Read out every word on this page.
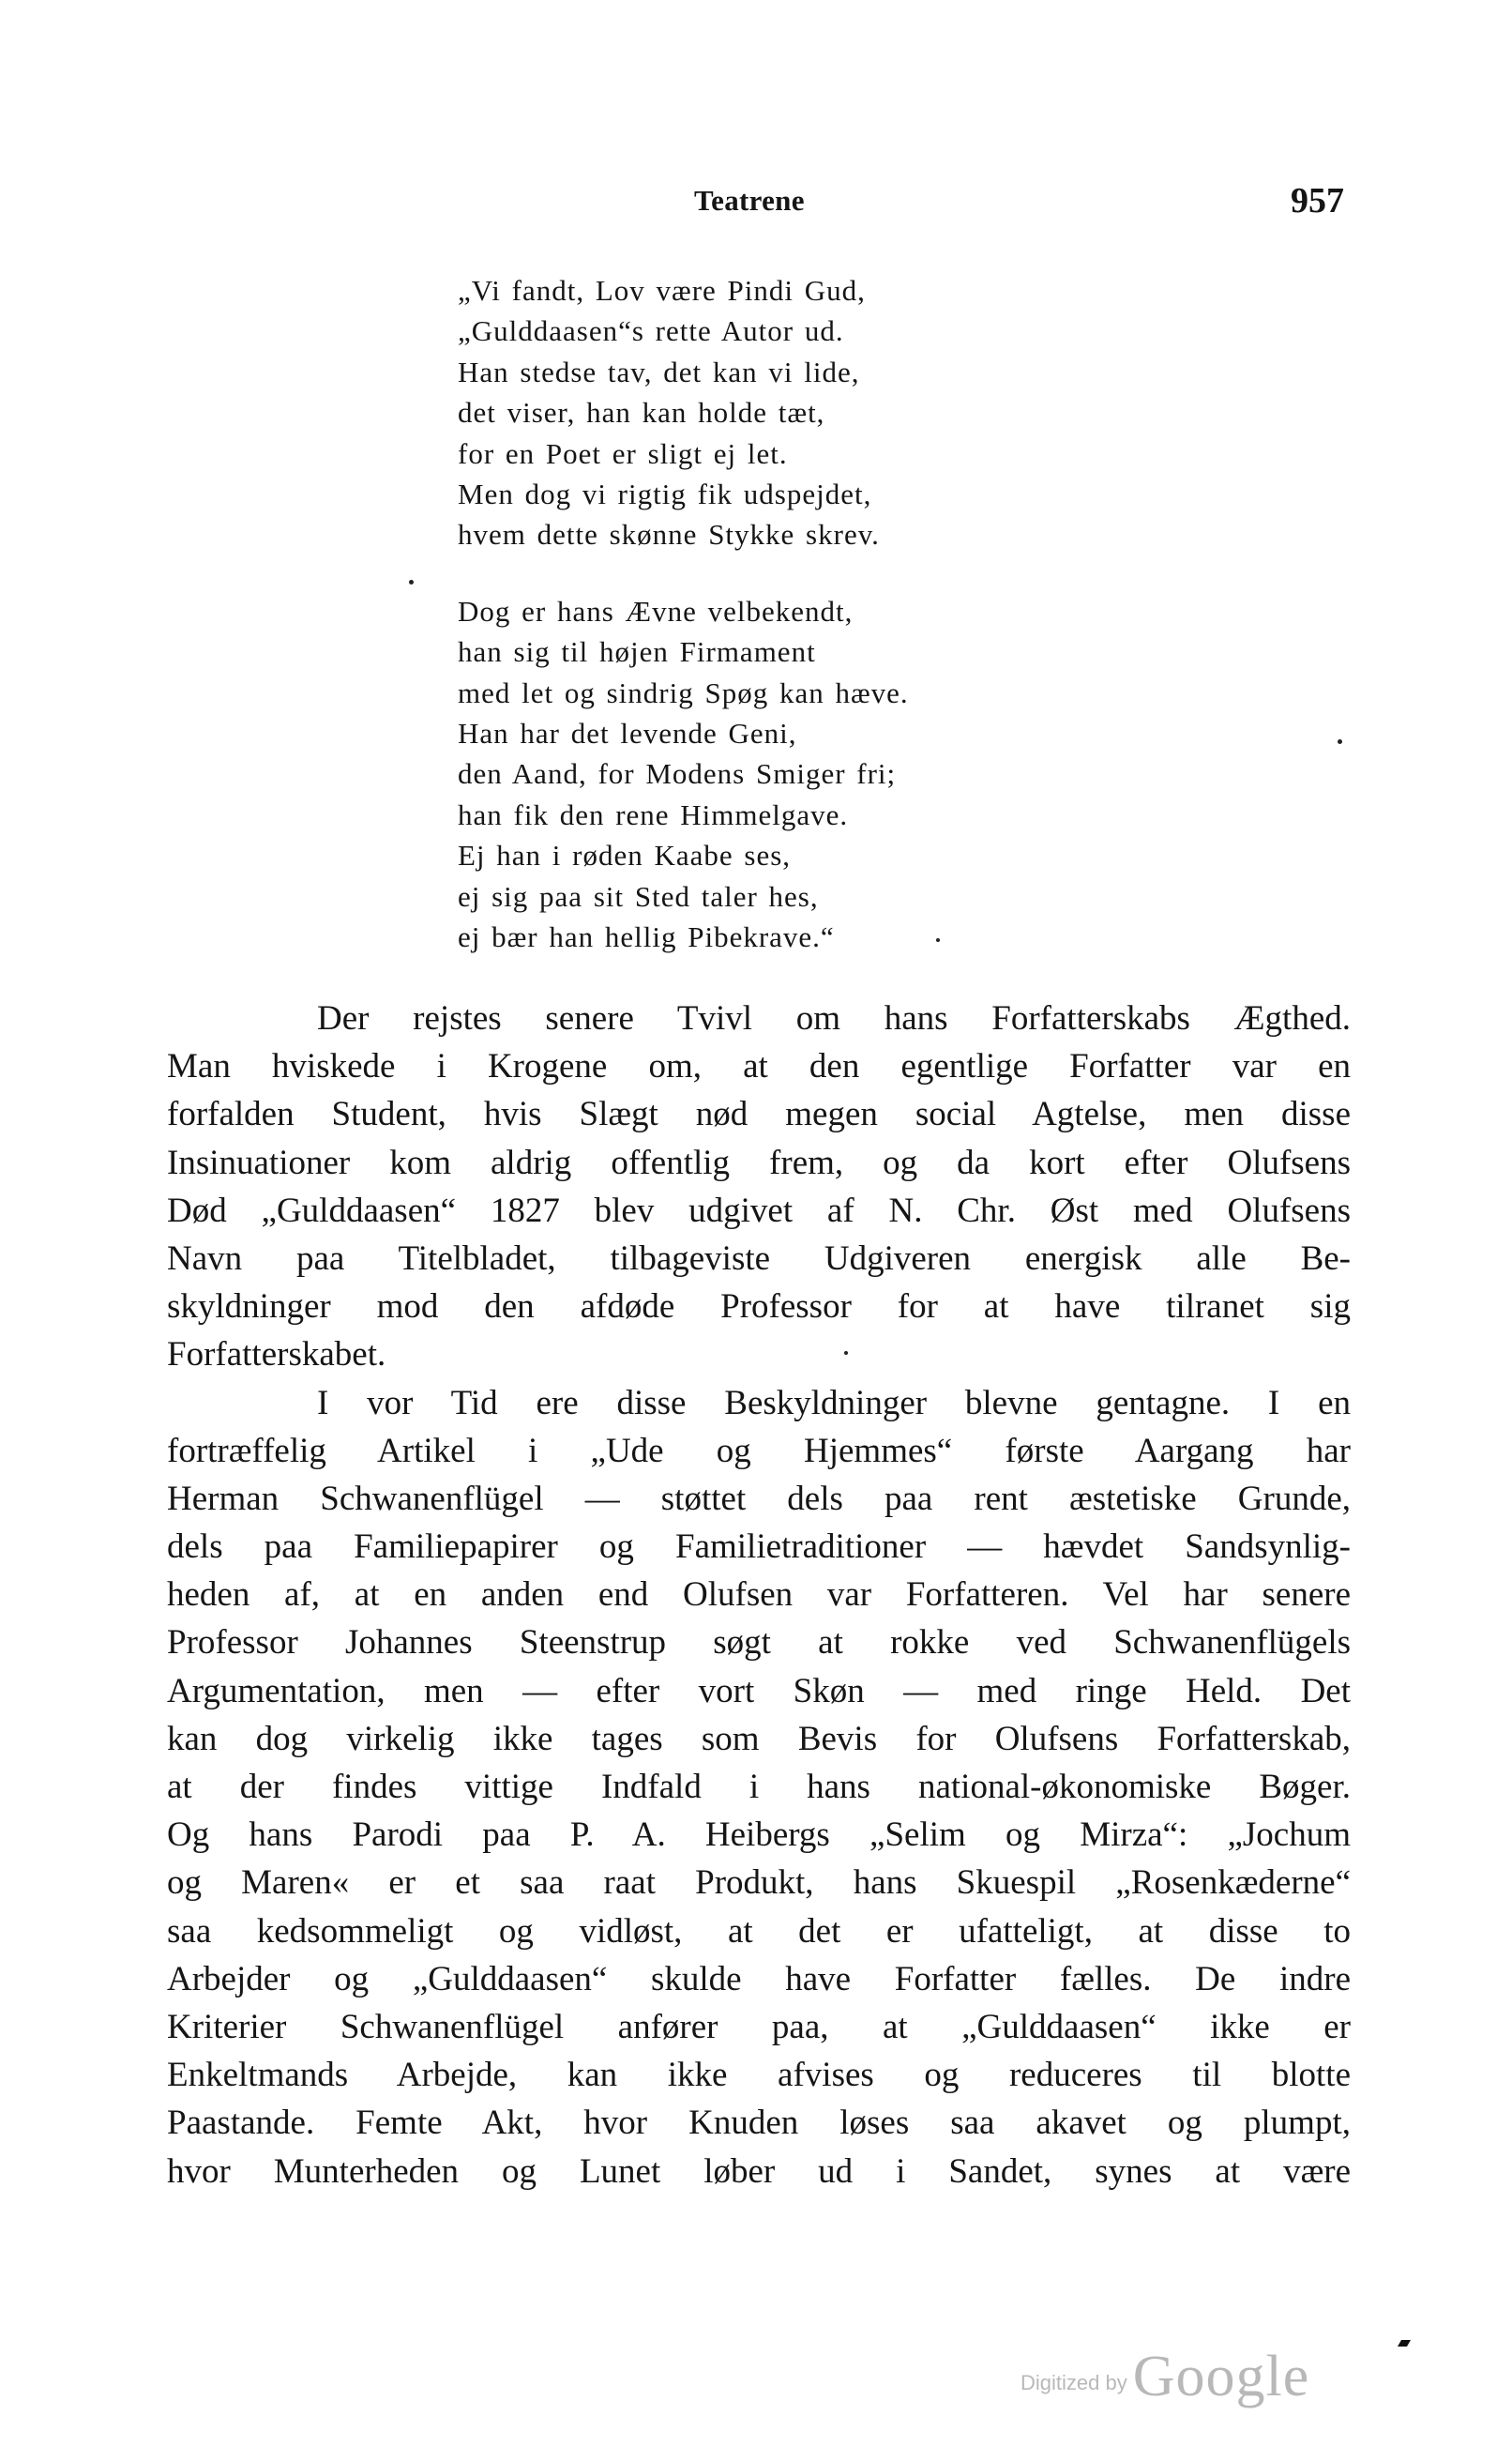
Teatrene	957
„Vi fandt, Lov være Pindi Gud,
„Gulddaasen“s rette Autor ud.
Han stedse tav, det kan vi lide,
det viser, han kan holde tæt,
for en Poet er sligt ej let.
Men dog vi rigtig fik udspejdet,
hvem dette skønne Stykke skrev.
Dog er hans Ævne velbekendt,
han sig til højen Firmament
med let og sindrig Spøg kan hæve.
Han har det levende Geni,
den Aand, for Modens Smiger fri;
han fik den rene Himmelgave.
Ej han i røden Kaabe ses,
ej sig paa sit Sted taler hes,
ej bær han hellig Pibekrave.“
Der rejstes senere Tvivl om hans Forfatterskabs Ægthed.
Man hviskede i Krogene om, at den egentlige Forfatter var en
forfalden Student, hvis Slægt nød megen social Agtelse, men disse
Insinuationer kom aldrig offentlig frem, og da kort efter Olufsens
Død „Gulddaasen“ 1827 blev udgivet af N. Chr. Øst med Olufsens
Navn paa Titelbladet, tilbageviste Udgiveren energisk alle Be-
skyldninger mod den afdøde Professor for at have tilranet sig
Forfatterskabet.
I vor Tid ere disse Beskyldninger blevne gentagne. I en
fortræffelig Artikel i „Ude og Hjemmes“ første Aargang har
Herman Schwanenflügel — støttet dels paa rent æstetiske Grunde,
dels paa Familiepapirer og Familietraditioner — hævdet Sandsynlig-
heden af, at en anden end Olufsen var Forfatteren. Vel har senere
Professor Johannes Steenstrup søgt at rokke ved Schwanenflügels
Argumentation, men — efter vort Skøn — med ringe Held. Det
kan dog virkelig ikke tages som Bevis for Olufsens Forfatterskab,
at der findes vittige Indfald i hans national-økonomiske Bøger.
Og hans Parodi paa P. A. Heibergs „Selim og Mirza“: „Jochum
og Maren« er et saa raat Produkt, hans Skuespil „Rosenkæderne“
saa kedsommeligt og vidløst, at det er ufatteligt, at disse to
Arbejder og „Gulddaasen“ skulde have Forfatter fælles. De indre
Kriterier Schwanenflügel anfører paa, at „Gulddaasen“ ikke er
Enkeltmands Arbejde, kan ikke afvises og reduceres til blotte
Paastande. Femte Akt, hvor Knuden løses saa akavet og plumpt,
hvor Munterheden og Lunet løber ud i Sandet, synes at være
Digitized byGoogle
